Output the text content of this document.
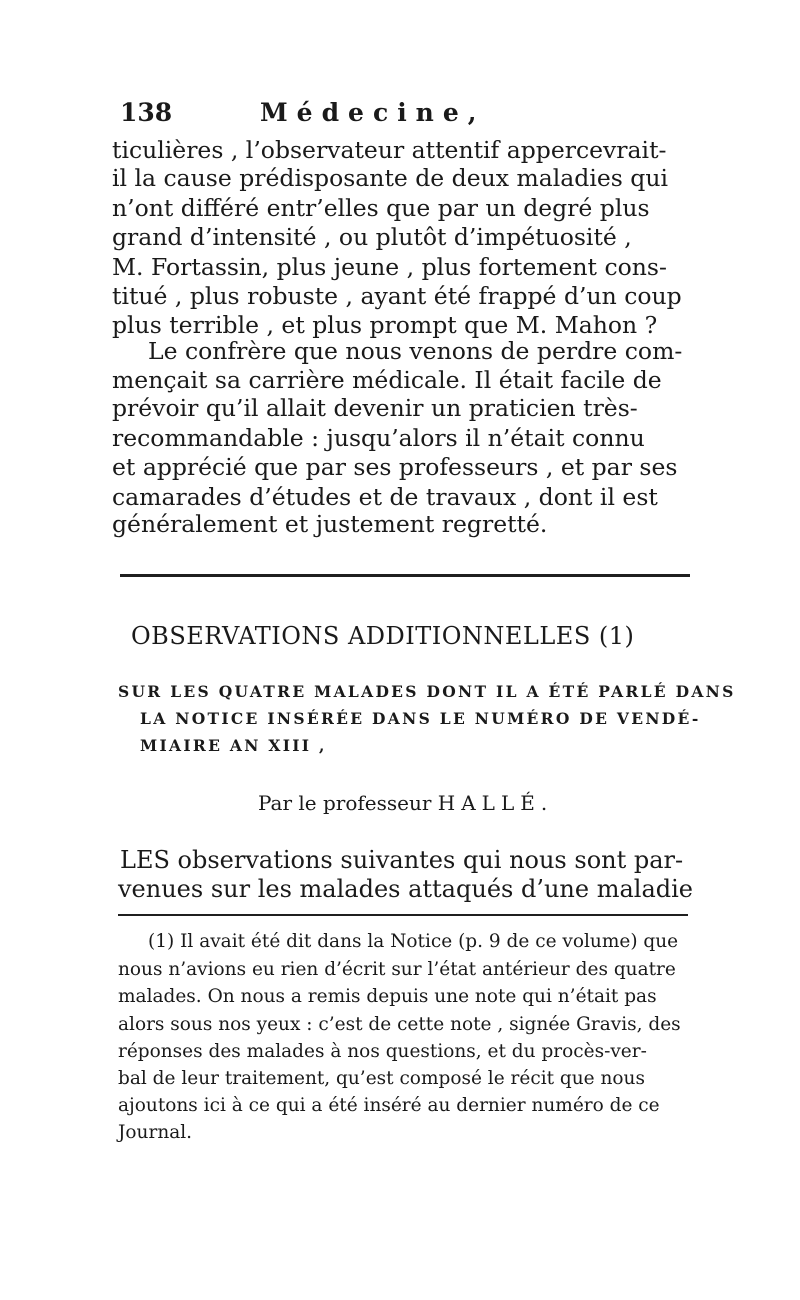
138	Médecine,
ticulières , l’observateur attentif appercevrait-
il la cause prédisposante de deux maladies qui
n’ont différé entr’elles que par un degré plus
grand d’intensité , ou plutôt d’impétuosité ,
M. Fortassin, plus jeune , plus fortement cons-
titué , plus robuste , ayant été frappé d’un coup
plus terrible , et plus prompt que M. Mahon ?
Le confrère que nous venons de perdre com-
mençait sa carrière médicale. Il était facile de
prévoir qu’il allait devenir un praticien très-
recommandable : jusqu’alors il n’était connu
et apprécié que par ses professeurs , et par ses
camarades d’études et de travaux , dont il est
généralement et justement regretté.
OBSERVATIONS ADDITIONNELLES (1)
SUR LES QUATRE MALADES DONT IL A ÉTÉ PARLÉ DANS
LA NOTICE INSÉRÉE DANS LE NUMÉRO DE VENDÉ-
MIAIRE AN XIII ,
Par le professeur HALLÉ.
LES observations suivantes qui nous sont par-
venues sur les malades attaqués d’une maladie
(1) Il avait été dit dans la Notice (p. 9 de ce volume) que
nous n’avions eu rien d’écrit sur l’état antérieur des quatre
malades. On nous a remis depuis une note qui n’était pas
alors sous nos yeux : c’est de cette note , signée Gravis, des
réponses des malades à nos questions, et du procès-ver-
bal de leur traitement, qu’est composé le récit que nous
ajoutons ici à ce qui a été inséré au dernier numéro de ce
Journal.
